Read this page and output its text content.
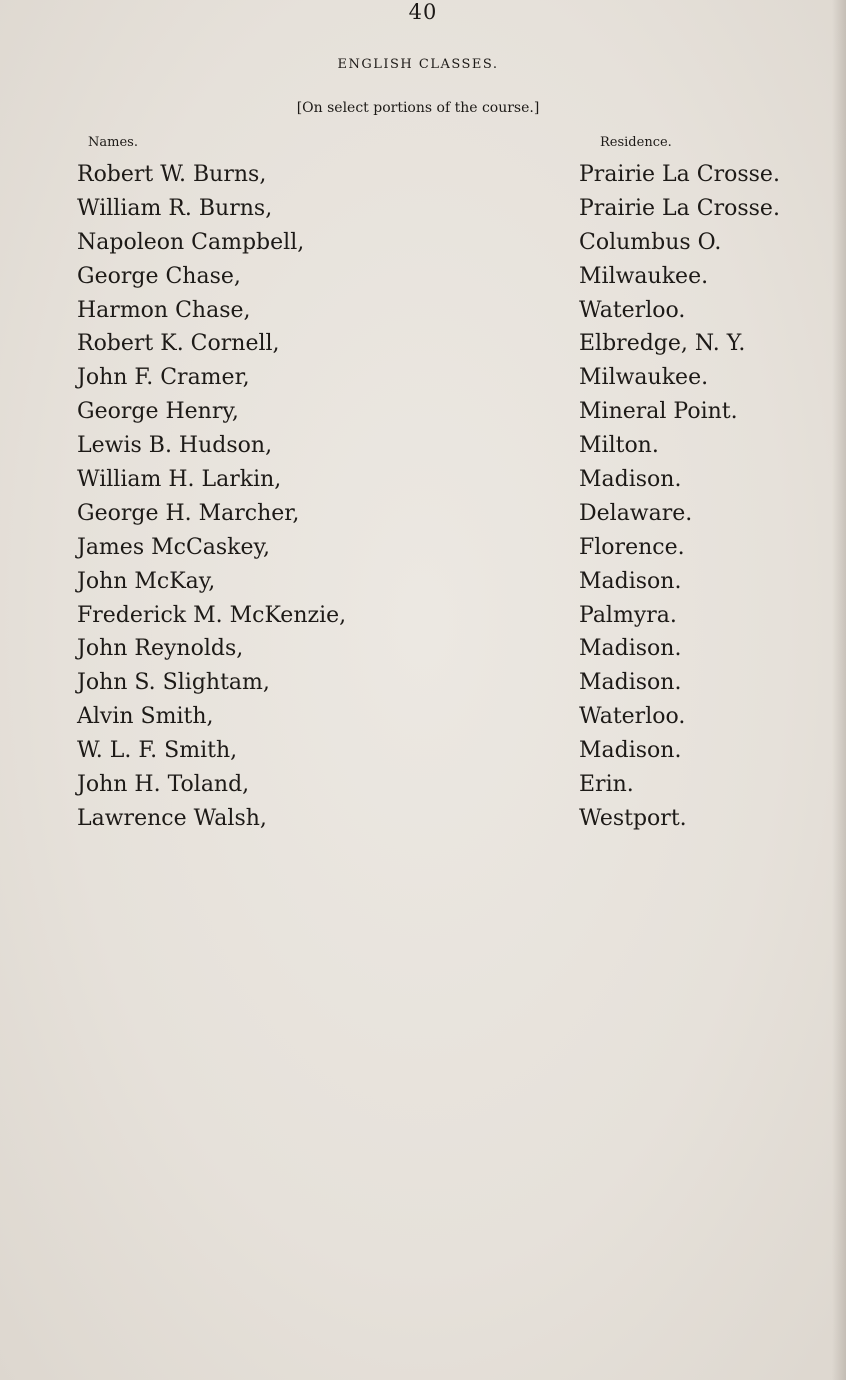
40
ENGLISH CLASSES.
[On select portions of the course.]
Names.	Residence.
Robert W. Burns,	Prairie La Crosse.
William R. Burns,	Prairie La Crosse.
Napoleon Campbell,	Columbus O.
George Chase,	Milwaukee.
Harmon Chase,	Waterloo.
Robert K. Cornell,	Elbredge, N. Y.
John F. Cramer,	Milwaukee.
George Henry,	Mineral Point.
Lewis B. Hudson,	Milton.
William H. Larkin,	Madison.
George H. Marcher,	Delaware.
James McCaskey,	Florence.
John McKay,	Madison.
Frederick M. McKenzie,	Palmyra.
John Reynolds,	Madison.
John S. Slightam,	Madison.
Alvin Smith,	Waterloo.
W. L. F. Smith,	Madison.
John H. Toland,	Erin.
Lawrence Walsh,	Westport.
